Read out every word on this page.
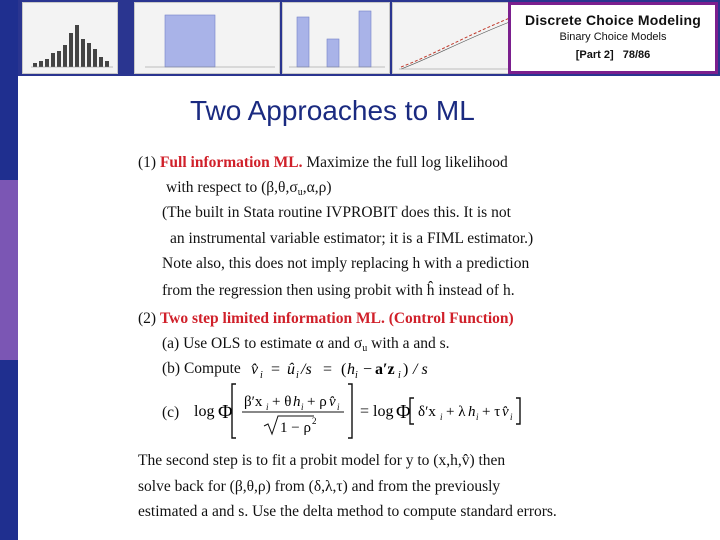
Discrete Choice Modeling
Binary Choice Models
[Part 2] 78/86
Two Approaches to ML
(1) Full information ML. Maximize the full log likelihood
with respect to $(\beta,\theta,\sigma_u,\alpha,\rho)$
(The built in Stata routine IVPROBIT does this. It is not
an instrumental variable estimator; it is a FIML estimator.)
Note also, this does not imply replacing h with a prediction
from the regression then using probit with ĥ instead of h.
(2) Two step limited information ML. (Control Function)
(a) Use OLS to estimate α and $\sigma_u$ with a and s.
(b) Compute v̂ i = û i /s = ( h i − a′z i ) / s
(c) log Φ β′x i + θ h i + ρ v̂ i
1 − ρ 2
= log Φ δ′x i + λ h i + τ v̂ i
The second step is to fit a probit model for y to (x,h,v̂) then
solve back for (β,θ,ρ) from (δ,λ,τ) and from the previously
estimated a and s. Use the delta method to compute standard errors.
